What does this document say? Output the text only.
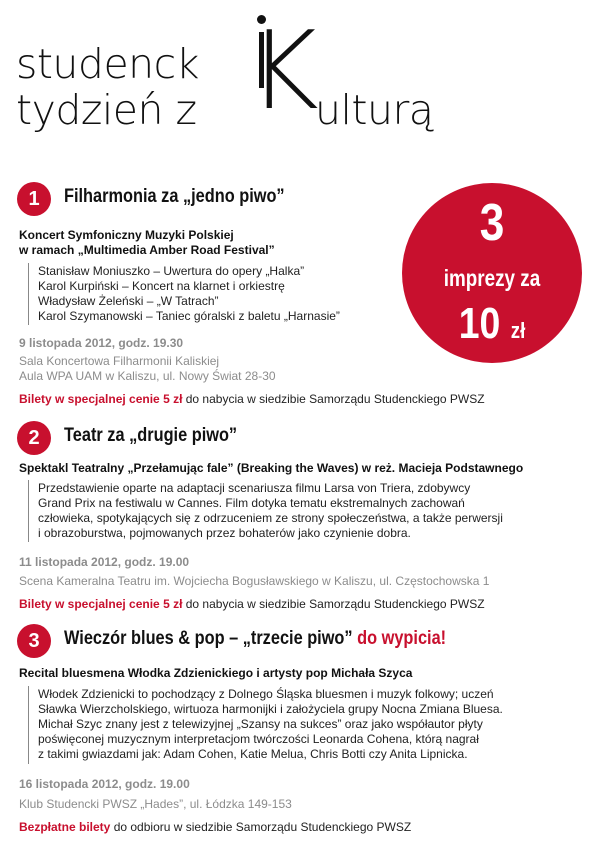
studenck
tydzień z K
ulturą
3
imprezy za
10 zł
1	Filharmonia za „jedno piwo”
Koncert Symfoniczny Muzyki Polskiej
w ramach „Multimedia Amber Road Festival”
Stanisław Moniuszko – Uwertura do opery „Halka”
Karol Kurpiński – Koncert na klarnet i orkiestrę
Władysław Żeleński – „W Tatrach”
Karol Szymanowski – Taniec góralski z baletu „Harnasie”
9 listopada 2012, godz. 19.30
Sala Koncertowa Filharmonii Kaliskiej
Aula WPA UAM w Kaliszu, ul. Nowy Świat 28-30
Bilety w specjalnej cenie 5 zł do nabycia w siedzibie Samorządu Studenckiego PWSZ
2	Teatr za „drugie piwo”
Spektakl Teatralny „Przełamując fale” (Breaking the Waves) w reż. Macieja Podstawnego
Przedstawienie oparte na adaptacji scenariusza filmu Larsa von Triera, zdobywcy
Grand Prix na festiwalu w Cannes. Film dotyka tematu ekstremalnych zachowań
człowieka, spotykających się z odrzuceniem ze strony społeczeństwa, a także perwersji
i obrazoburstwa, pojmowanych przez bohaterów jako czynienie dobra.
11 listopada 2012, godz. 19.00
Scena Kameralna Teatru im. Wojciecha Bogusławskiego w Kaliszu, ul. Częstochowska 1
Bilety w specjalnej cenie 5 zł do nabycia w siedzibie Samorządu Studenckiego PWSZ
3	Wieczór blues & pop – „trzecie piwo” do wypicia!
Recital bluesmena Włodka Zdzienickiego i artysty pop Michała Szyca
Włodek Zdzienicki to pochodzący z Dolnego Śląska bluesmen i muzyk folkowy; uczeń
Sławka Wierzcholskiego, wirtuoza harmonijki i założyciela grupy Nocna Zmiana Bluesa.
Michał Szyc znany jest z telewizyjnej „Szansy na sukces” oraz jako współautor płyty
poświęconej muzycznym interpretacjom twórczości Leonarda Cohena, którą nagrał
z takimi gwiazdami jak: Adam Cohen, Katie Melua, Chris Botti czy Anita Lipnicka.
16 listopada 2012, godz. 19.00
Klub Studencki PWSZ „Hades”, ul. Łódzka 149-153
Bezpłatne bilety do odbioru w siedzibie Samorządu Studenckiego PWSZ
